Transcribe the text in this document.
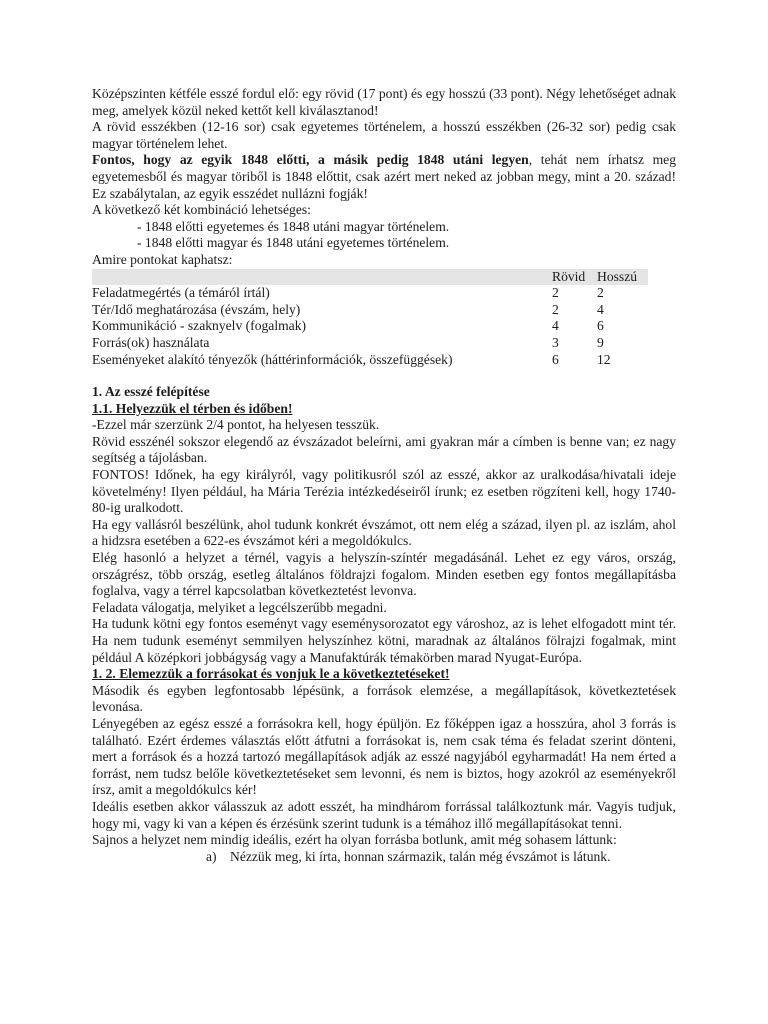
Középszinten kétféle esszé fordul elő: egy rövid (17 pont) és egy hosszú (33 pont). Négy lehetőséget adnak meg, amelyek közül neked kettőt kell kiválasztanod!

A rövid esszékben (12-16 sor) csak egyetemes történelem, a hosszú esszékben (26-32 sor) pedig csak magyar történelem lehet.

Fontos, hogy az egyik 1848 előtti, a másik pedig 1848 utáni legyen, tehát nem írhatsz meg egyetemesből és magyar töriből is 1848 előttit, csak azért mert neked az jobban megy, mint a 20. század! Ez szabálytalan, az egyik esszédet nullázni fogják!

A következő két kombináció lehetséges:

- 1848 előtti egyetemes és 1848 utáni magyar történelem.

- 1848 előtti magyar és 1848 utáni egyetemes történelem.

Amire pontokat kaphatsz:

	Rövid	Hosszú
Feladatmegértés (a témáról írtál)	2	2
Tér/Idő meghatározása (évszám, hely)	2	4
Kommunikáció - szaknyelv (fogalmak)	4	6
Forrás(ok) használata	3	9
Eseményeket alakító tényezők (háttérinformációk, összefüggések)	6	12

1. Az esszé felépítése

1.1. Helyezzük el térben és időben!

-Ezzel már szerzünk 2/4 pontot, ha helyesen tesszük.

Rövid esszénél sokszor elegendő az évszázadot beleírni, ami gyakran már a címben is benne van; ez nagy segítség a tájolásban.

FONTOS! Időnek, ha egy királyról, vagy politikusról szól az esszé, akkor az uralkodása/hivatali ideje követelmény! Ilyen például, ha Mária Terézia intézkedéseiről írunk; ez esetben rögzíteni kell, hogy 1740-80-ig uralkodott.

Ha egy vallásról beszélünk, ahol tudunk konkrét évszámot, ott nem elég a század, ilyen pl. az iszlám, ahol a hidzsra esetében a 622-es évszámot kéri a megoldókulcs.

Elég hasonló a helyzet a térnél, vagyis a helyszín-színtér megadásánál. Lehet ez egy város, ország, országrész, több ország, esetleg általános földrajzi fogalom. Minden esetben egy fontos megállapításba foglalva, vagy a térrel kapcsolatban következtetést levonva.

Feladata válogatja, melyiket a legcélszerűbb megadni.

Ha tudunk kötni egy fontos eseményt vagy eseménysorozatot egy városhoz, az is lehet elfogadott mint tér. Ha nem tudunk eseményt semmilyen helyszínhez kötni, maradnak az általános fölrajzi fogalmak, mint például A középkori jobbágyság vagy a Manufaktúrák témakörben marad Nyugat-Európa.

1. 2. Elemezzük a forrásokat és vonjuk le a következtetéseket!

Második és egyben legfontosabb lépésünk, a források elemzése, a megállapítások, következtetések levonása.

Lényegében az egész esszé a forrásokra kell, hogy épüljön. Ez főképpen igaz a hosszúra, ahol 3 forrás is található. Ezért érdemes választás előtt átfutni a forrásokat is, nem csak téma és feladat szerint dönteni, mert a források és a hozzá tartozó megállapítások adják az esszé nagyjából egyharmadát! Ha nem érted a forrást, nem tudsz belőle következtetéseket sem levonni, és nem is biztos, hogy azokról az eseményekről írsz, amit a megoldókulcs kér!

Ideális esetben akkor válasszuk az adott esszét, ha mindhárom forrással találkoztunk már. Vagyis tudjuk, hogy mi, vagy ki van a képen és érzésünk szerint tudunk is a témához illő megállapításokat tenni.

Sajnos a helyzet nem mindig ideális, ezért ha olyan forrásba botlunk, amit még sohasem láttunk:

a) Nézzük meg, ki írta, honnan származik, talán még évszámot is látunk.
